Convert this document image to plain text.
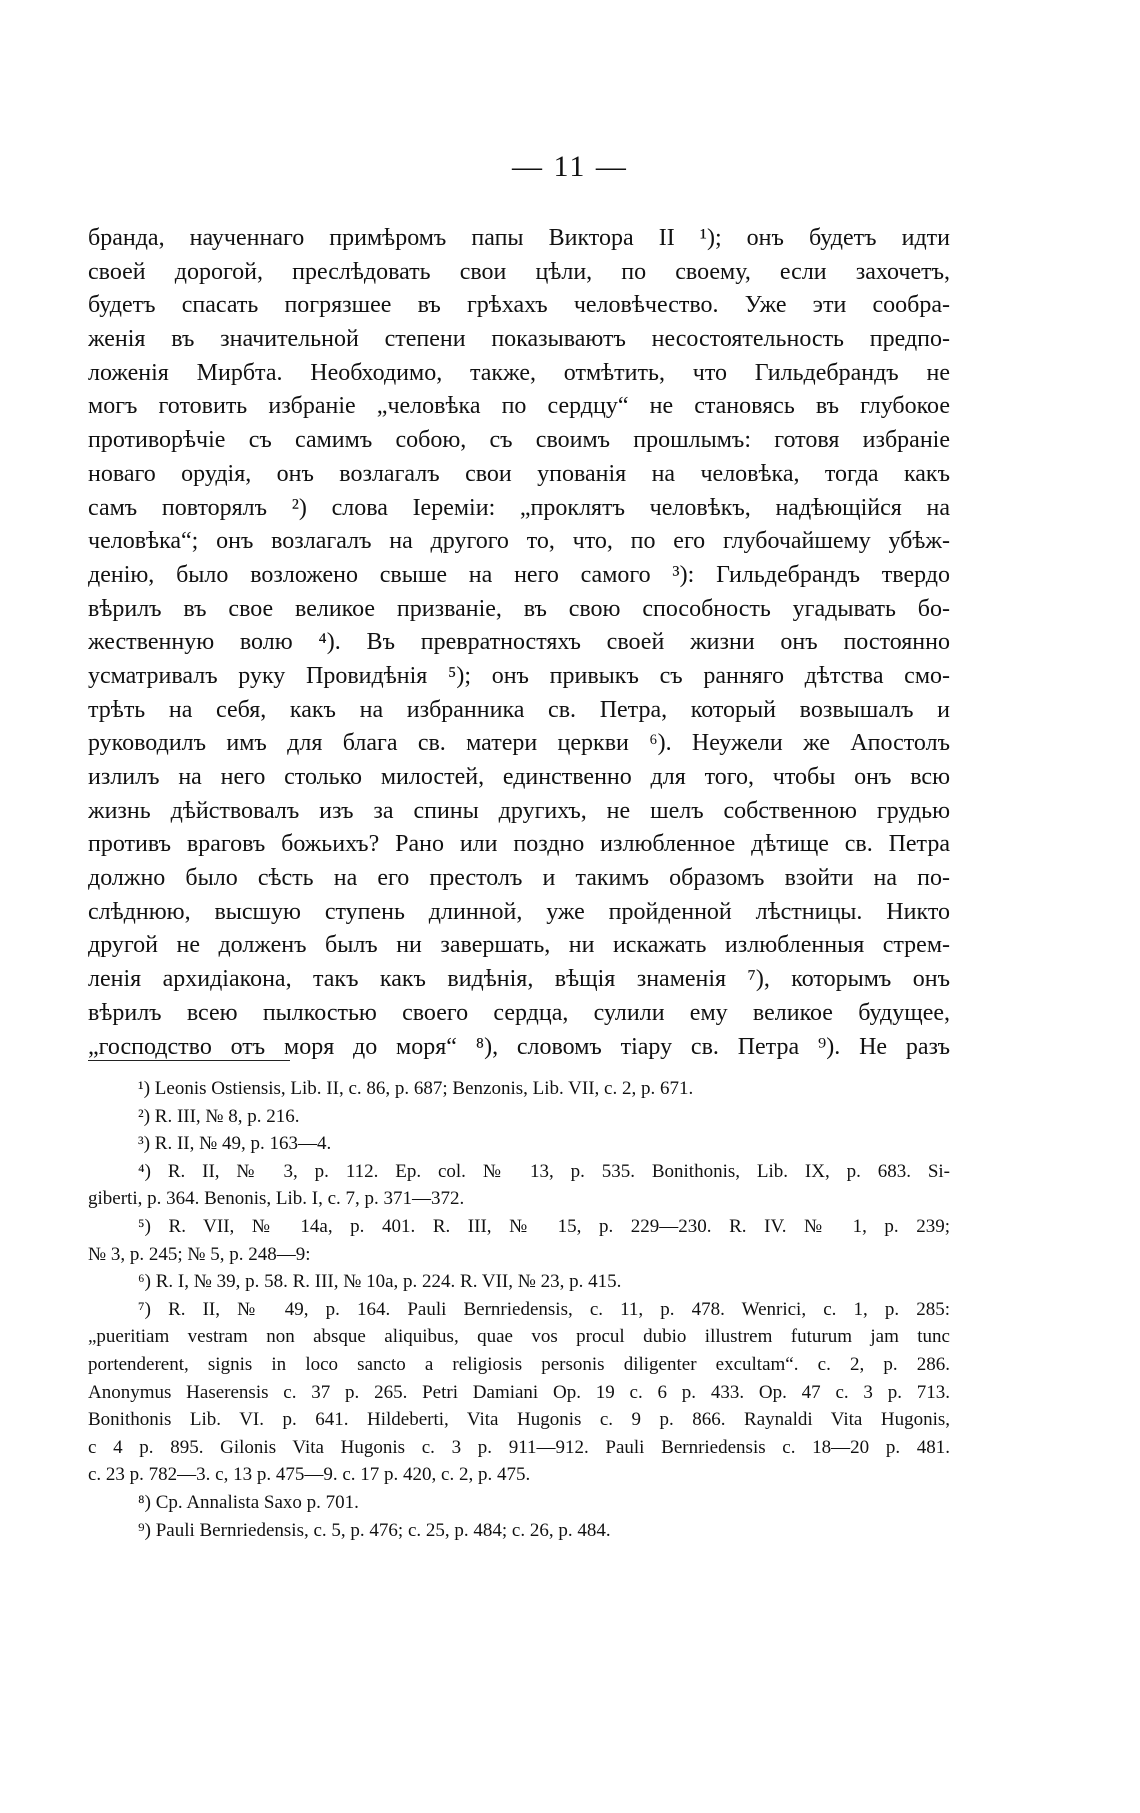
— 11 —
бранда, наученнаго примѣромъ папы Виктора II ¹); онъ будетъ идти
своей дорогой, преслѣдовать свои цѣли, по своему, если захочетъ,
будетъ спасать погрязшее въ грѣхахъ человѣчество. Уже эти сообра-
женія въ значительной степени показываютъ несостоятельность предпо-
ложенія Мирбта. Необходимо, также, отмѣтить, что Гильдебрандъ не
могъ готовить избраніе „человѣка по сердцу“ не становясь въ глубокое
противорѣчіе съ самимъ собою, съ своимъ прошлымъ: готовя избраніе
новаго орудія, онъ возлагалъ свои упованія на человѣка, тогда какъ
самъ повторялъ ²) слова Іереміи: „проклятъ человѣкъ, надѣющійся на
человѣка“; онъ возлагалъ на другого то, что, по его глубочайшему убѣж-
денію, было возложено свыше на него самого ³): Гильдебрандъ твердо
вѣрилъ въ свое великое призваніе, въ свою способность угадывать бо-
жественную волю ⁴). Въ превратностяхъ своей жизни онъ постоянно
усматривалъ руку Провидѣнія ⁵); онъ привыкъ съ ранняго дѣтства смо-
трѣть на себя, какъ на избранника св. Петра, который возвышалъ и
руководилъ имъ для блага св. матери церкви ⁶). Неужели же Апостолъ
излилъ на него столько милостей, единственно для того, чтобы онъ всю
жизнь дѣйствовалъ изъ за спины другихъ, не шелъ собственною грудью
противъ враговъ божьихъ? Рано или поздно излюбленное дѣтище св. Петра
должно было сѣсть на его престолъ и такимъ образомъ взойти на по-
слѣднюю, высшую ступень длинной, уже пройденной лѣстницы. Никто
другой не долженъ былъ ни завершать, ни искажать излюбленныя стрем-
ленія архидіакона, такъ какъ видѣнія, вѣщія знаменія ⁷), которымъ онъ
вѣрилъ всею пылкостью своего сердца, сулили ему великое будущее,
„господство отъ моря до моря“ ⁸), словомъ тіару св. Петра ⁹). Не разъ
¹) Leonis Ostiensis, Lib. II, c. 86, p. 687; Benzonis, Lib. VII, c. 2, p. 671.
²) R. III, № 8, p. 216.
³) R. II, № 49, p. 163—4.
⁴) R. II, № 3, p. 112. Ep. col. № 13, p. 535. Bonithonis, Lib. IX, p. 683. Si-
giberti, p. 364. Benonis, Lib. I, c. 7, p. 371—372.
⁵) R. VII, № 14a, p. 401. R. III, № 15, p. 229—230. R. IV. № 1, p. 239;
№ 3, p. 245; № 5, p. 248—9:
⁶) R. I, № 39, p. 58. R. III, № 10a, p. 224. R. VII, № 23, p. 415.
⁷) R. II, № 49, p. 164. Pauli Bernriedensis, c. 11, p. 478. Wenrici, c. 1, p. 285:
„pueritiam vestram non absque aliquibus, quae vos procul dubio illustrem futurum jam tunc
portenderent, signis in loco sancto a religiosis personis diligenter excultam“. c. 2, p. 286.
Anonymus Haserensis c. 37 p. 265. Petri Damiani Op. 19 c. 6 p. 433. Op. 47 c. 3 p. 713.
Bonithonis Lib. VI. p. 641. Hildeberti, Vita Hugonis c. 9 p. 866. Raynaldi Vita Hugonis,
c 4 p. 895. Gilonis Vita Hugonis c. 3 p. 911—912. Pauli Bernriedensis c. 18—20 p. 481.
c. 23 p. 782—3. c, 13 p. 475—9. c. 17 p. 420, c. 2, p. 475.
⁸) Cp. Annalista Saxo p. 701.
⁹) Pauli Bernriedensis, c. 5, p. 476; c. 25, p. 484; c. 26, p. 484.
